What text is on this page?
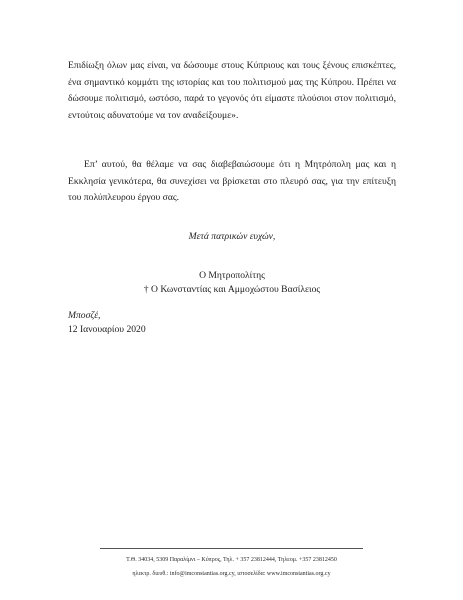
Επιδίωξη όλων μας είναι, να δώσουμε στους Κύπριους και τους ξένους επισκέπτες, ένα σημαντικό κομμάτι της ιστορίας και του πολιτισμού μας της Κύπρου. Πρέπει να δώσουμε πολιτισμό, ωστόσο, παρά το γεγονός ότι είμαστε πλούσιοι στον πολιτισμό, εντούτοις αδυνατούμε να τον αναδείξουμε».

Επ’ αυτού, θα θέλαμε να σας διαβεβαιώσουμε ότι η Μητρόπολη μας και η Εκκλησία γενικότερα, θα συνεχίσει να βρίσκεται στο πλευρό σας, για την επίτευξη του πολύπλευρου έργου σας.

Μετά πατρικών ευχών,

Ο Μητροπολίτης

† Ο Κωνσταντίας και Αμμοχώστου Βασίλειος

Μποσζέ,

12 Ιανουαρίου 2020

Τ.Θ. 34034, 5309 Παραλίμνι – Κύπρος, Τηλ. + 357 23812444, Τηλεομ. +357 23812450

ηλεκτρ. διευθ.: info@imconstantias.org.cy, ιστοσελίδα: www.imconstantias.org.cy
